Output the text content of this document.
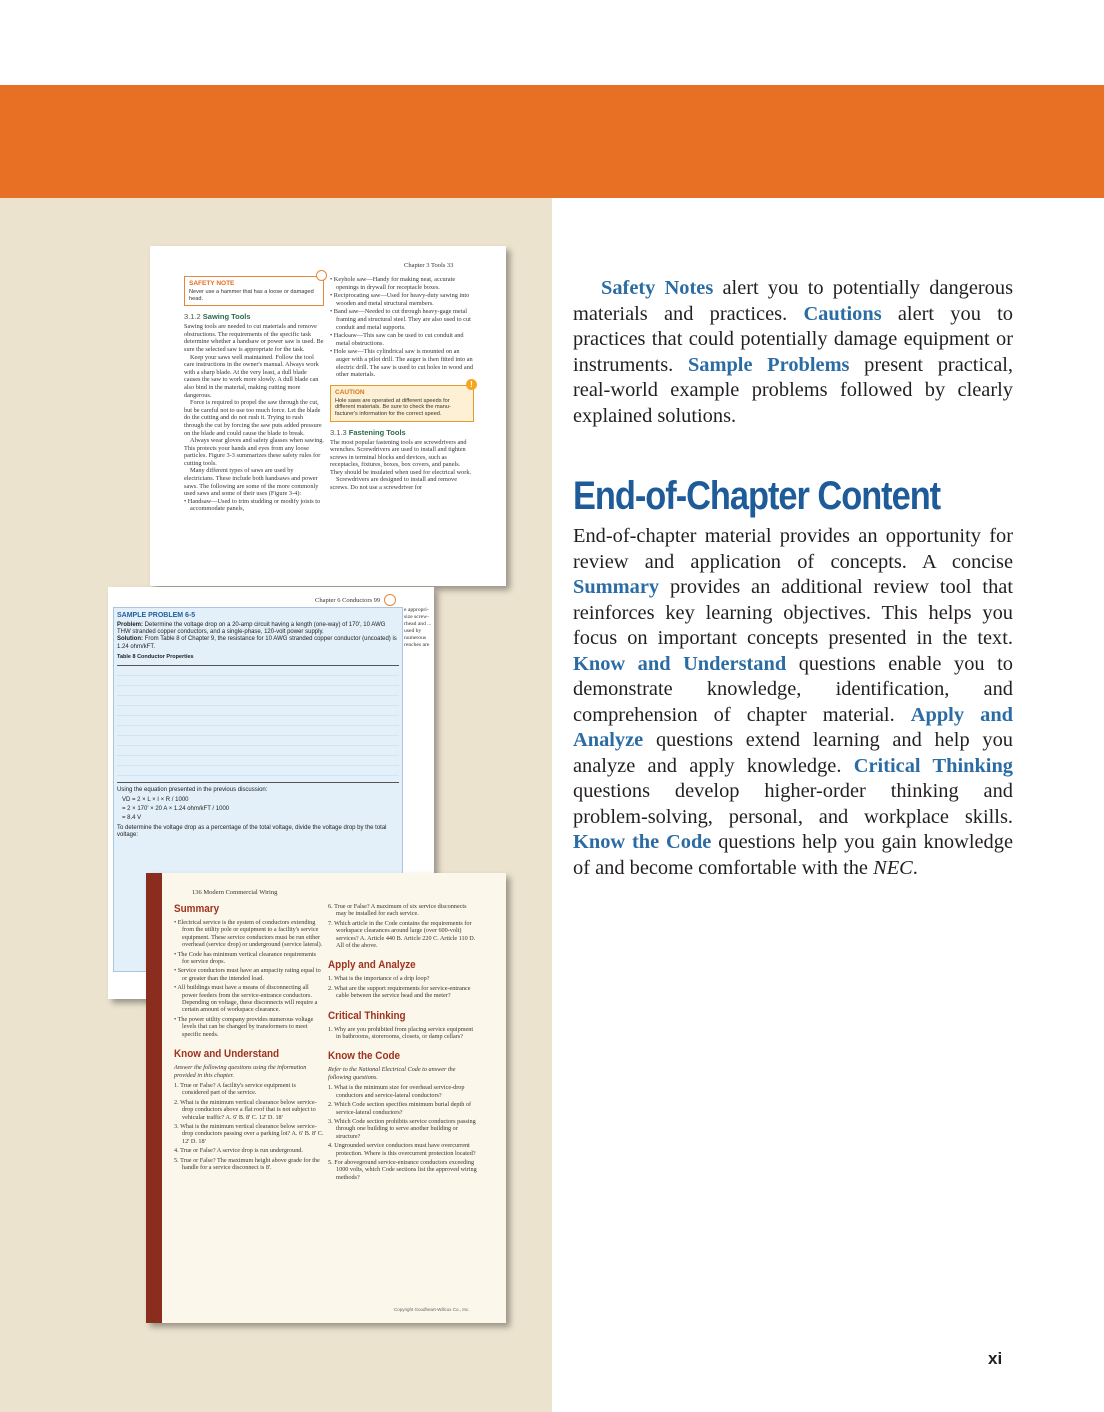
Chapter 3 Tools 33
SAFETY NOTE
Never use a hammer that has a loose or damaged head.
3.1.2 Sawing Tools
Sawing tools are needed to cut materials and remove obstructions. The requirements of the specific task determine whether a handsaw or power saw is used. Be sure the selected saw is appropriate for the task.
Keep your saws well maintained. Follow the tool care instructions in the owner's manual. Always work with a sharp blade. At the very least, a dull blade causes the saw to work more slowly. A dull blade can also bind in the material, making cutting more dangerous.
Force is required to propel the saw through the cut, but be careful not to use too much force. Let the blade do the cutting and do not rush it. Trying to rush through the cut by forcing the saw puts added pressure on the blade and could cause the blade to break.
Always wear gloves and safety glasses when sawing. This protects your hands and eyes from any loose particles. Figure 3-3 summarizes these safety rules for cutting tools.
Many different types of saws are used by electricians. These include both handsaws and power saws. The following are some of the more commonly used saws and some of their uses (Figure 3-4):
• Handsaw—Used to trim studding or modify joists to accommodate panels,
• Keyhole saw—Handy for making neat, accurate openings in drywall for receptacle boxes.
• Reciprocating saw—Used for heavy-duty sawing into wooden and metal structural members.
• Band saw—Needed to cut through heavy-gage metal framing and structural steel. They are also used to cut conduit and metal supports.
• Hacksaw—This saw can be used to cut conduit and metal obstructions.
• Hole saw—This cylindrical saw is mounted on an auger with a pilot drill. The auger is then fitted into an electric drill. The saw is used to cut holes in wood and other materials.
!
CAUTION
Hole saws are operated at different speeds for different materials. Be sure to check the manufacturer's information for the correct speed.
3.1.3 Fastening Tools
The most popular fastening tools are screwdrivers and wrenches. Screwdrivers are used to install and tighten screws in terminal blocks and devices, such as receptacles, fixtures, boxes, box covers, and panels. They should be insulated when used for electrical work.
Screwdrivers are designed to install and remove screws. Do not use a screwdriver for
Chapter 6 Conductors 99
SAMPLE PROBLEM 6-5
Problem: Determine the voltage drop on a 20-amp circuit having a length (one-way) of 170', 10 AWG THW stranded copper conductors, and a single-phase, 120-volt power supply.
Solution: From Table 8 of Chapter 9, the resistance for 10 AWG stranded copper conductor (uncoated) is 1.24 ohm/kFT.
Table 8 Conductor Properties
Using the equation presented in the previous discussion:
VD = 2 × L × I × R / 1000
= 2 × 170' × 20 A × 1.24 ohm/kFT / 1000
= 8.4 V
To determine the voltage drop as a percentage of the total voltage, divide the voltage drop by the total voltage:
e appropri size screw rhead and ... used by numerous renches are
136 Modern Commercial Wiring
Summary
• Electrical service is the system of conductors extending from the utility pole or equipment to a facility's service equipment. These service conductors must be run either overhead (service drop) or underground (service lateral).
• The Code has minimum vertical clearance requirements for service drops.
• Service conductors must have an ampacity rating equal to or greater than the intended load.
• All buildings must have a means of disconnecting all power feeders from the service-entrance conductors. Depending on voltage, these disconnects will require a certain amount of workspace clearance.
• The power utility company provides numerous voltage levels that can be changed by transformers to meet specific needs.
Know and Understand
Answer the following questions using the information provided in this chapter.
1. True or False? A facility's service equipment is considered part of the service.
2. What is the minimum vertical clearance below service-drop conductors above a flat roof that is not subject to vehicular traffic? A. 6' B. 8' C. 12' D. 18'
3. What is the minimum vertical clearance below service-drop conductors passing over a parking lot? A. 6' B. 8' C. 12' D. 18'
4. True or False? A service drop is run underground.
5. True or False? The maximum height above grade for the handle for a service disconnect is 8'.
6. True or False? A maximum of six service disconnects may be installed for each service.
7. Which article in the Code contains the requirements for workspace clearances around large (over 600-volt) services? A. Article 440 B. Article 220 C. Article 110 D. All of the above.
Apply and Analyze
1. What is the importance of a drip loop?
2. What are the support requirements for service-entrance cable between the service head and the meter?
Critical Thinking
1. Why are you prohibited from placing service equipment in bathrooms, storerooms, closets, or damp cellars?
Know the Code
Refer to the National Electrical Code to answer the following questions.
1. What is the minimum size for overhead service-drop conductors and service-lateral conductors?
2. Which Code section specifies minimum burial depth of service-lateral conductors?
3. Which Code section prohibits service conductors passing through one building to serve another building or structure?
4. Ungrounded service conductors must have overcurrent protection. Where is this overcurrent protection located?
5. For aboveground service-entrance conductors exceeding 1000 volts, which Code sections list the approved wiring methods?
Copyright Goodheart-Willcox Co., Inc.
Safety Notes alert you to potentially dangerous materials and practices. Cautions alert you to practices that could potentially damage equipment or instruments. Sample Problems present practical, real-world example problems followed by clearly explained solutions.
End-of-Chapter Content
End-of-chapter material provides an opportunity for review and application of concepts. A concise Summary provides an additional review tool that reinforces key learning objectives. This helps you focus on important concepts presented in the text. Know and Understand questions enable you to demonstrate knowledge, identification, and comprehension of chapter material. Apply and Analyze questions extend learning and help you analyze and apply knowledge. Critical Thinking questions develop higher-order thinking and problem-solving, personal, and workplace skills. Know the Code questions help you gain knowledge of and become comfortable with the NEC.
xi
